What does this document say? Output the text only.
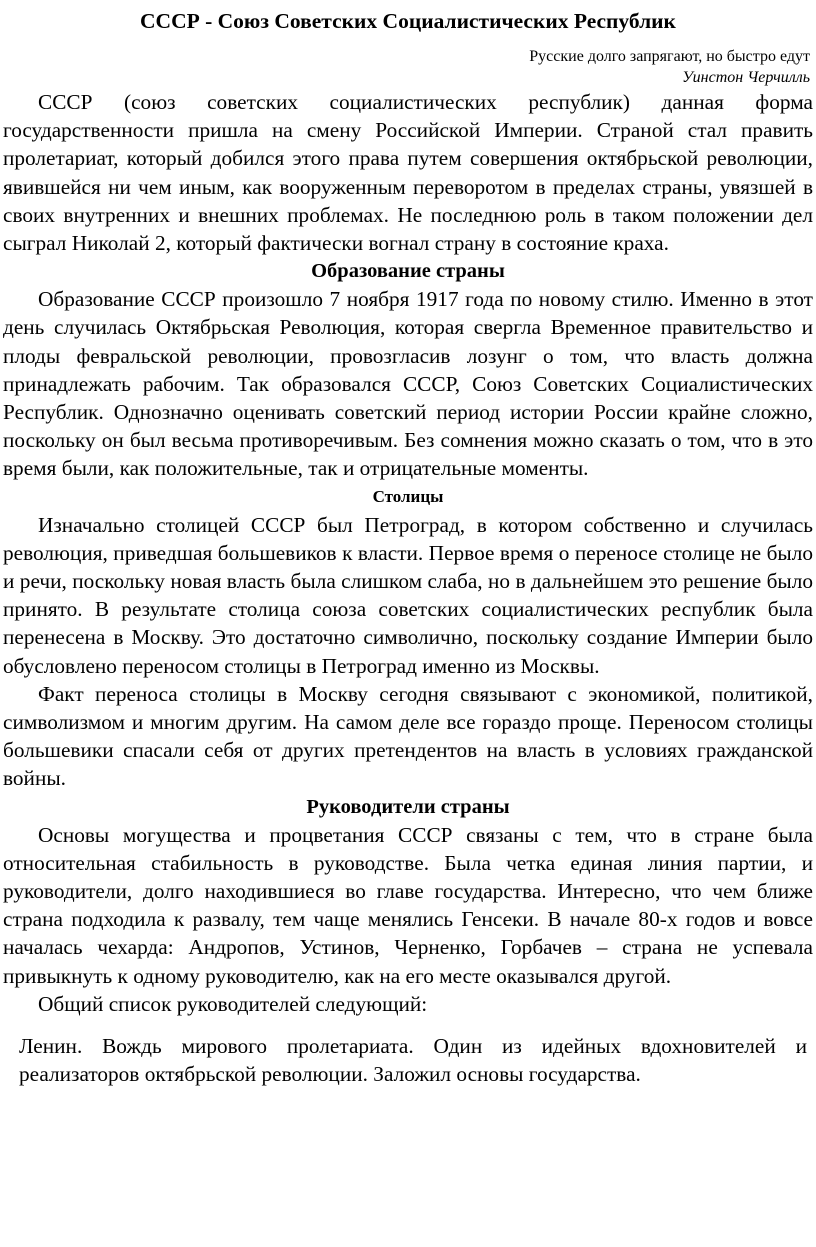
СССР - Союз Советских Социалистических Республик
Русские долго запрягают, но быстро едут
Уинстон Черчилль

СССР (союз советских социалистических республик) данная форма государственности пришла на смену Российской Империи. Страной стал править пролетариат, который добился этого права путем совершения октябрьской революции, явившейся ни чем иным, как вооруженным переворотом в пределах страны, увязшей в своих внутренних и внешних проблемах. Не последнюю роль в таком положении дел сыграл Николай 2, который фактически вогнал страну в состояние краха.

Образование страны

Образование СССР произошло 7 ноября 1917 года по новому стилю. Именно в этот день случилась Октябрьская Революция, которая свергла Временное правительство и плоды февральской революции, провозгласив лозунг о том, что власть должна принадлежать рабочим. Так образовался СССР, Союз Советских Социалистических Республик. Однозначно оценивать советский период истории России крайне сложно, поскольку он был весьма противоречивым. Без сомнения можно сказать о том, что в это время были, как положительные, так и отрицательные моменты.

Столицы

Изначально столицей СССР был Петроград, в котором собственно и случилась революция, приведшая большевиков к власти. Первое время о переносе столице не было и речи, поскольку новая власть была слишком слаба, но в дальнейшем это решение было принято. В результате столица союза советских социалистических республик была перенесена в Москву. Это достаточно символично, поскольку создание Империи было обусловлено переносом столицы в Петроград именно из Москвы.

Факт переноса столицы в Москву сегодня связывают с экономикой, политикой, символизмом и многим другим. На самом деле все гораздо проще. Переносом столицы большевики спасали себя от других претендентов на власть в условиях гражданской войны.

Руководители страны

Основы могущества и процветания СССР связаны с тем, что в стране была относительная стабильность в руководстве. Была четка единая линия партии, и руководители, долго находившиеся во главе государства. Интересно, что чем ближе страна подходила к развалу, тем чаще менялись Генсеки. В начале 80-х годов и вовсе началась чехарда: Андропов, Устинов, Черненко, Горбачев – страна не успевала привыкнуть к одному руководителю, как на его месте оказывался другой.

Общий список руководителей следующий:

Ленин. Вождь мирового пролетариата. Один из идейных вдохновителей и реализаторов октябрьской революции. Заложил основы государства.
